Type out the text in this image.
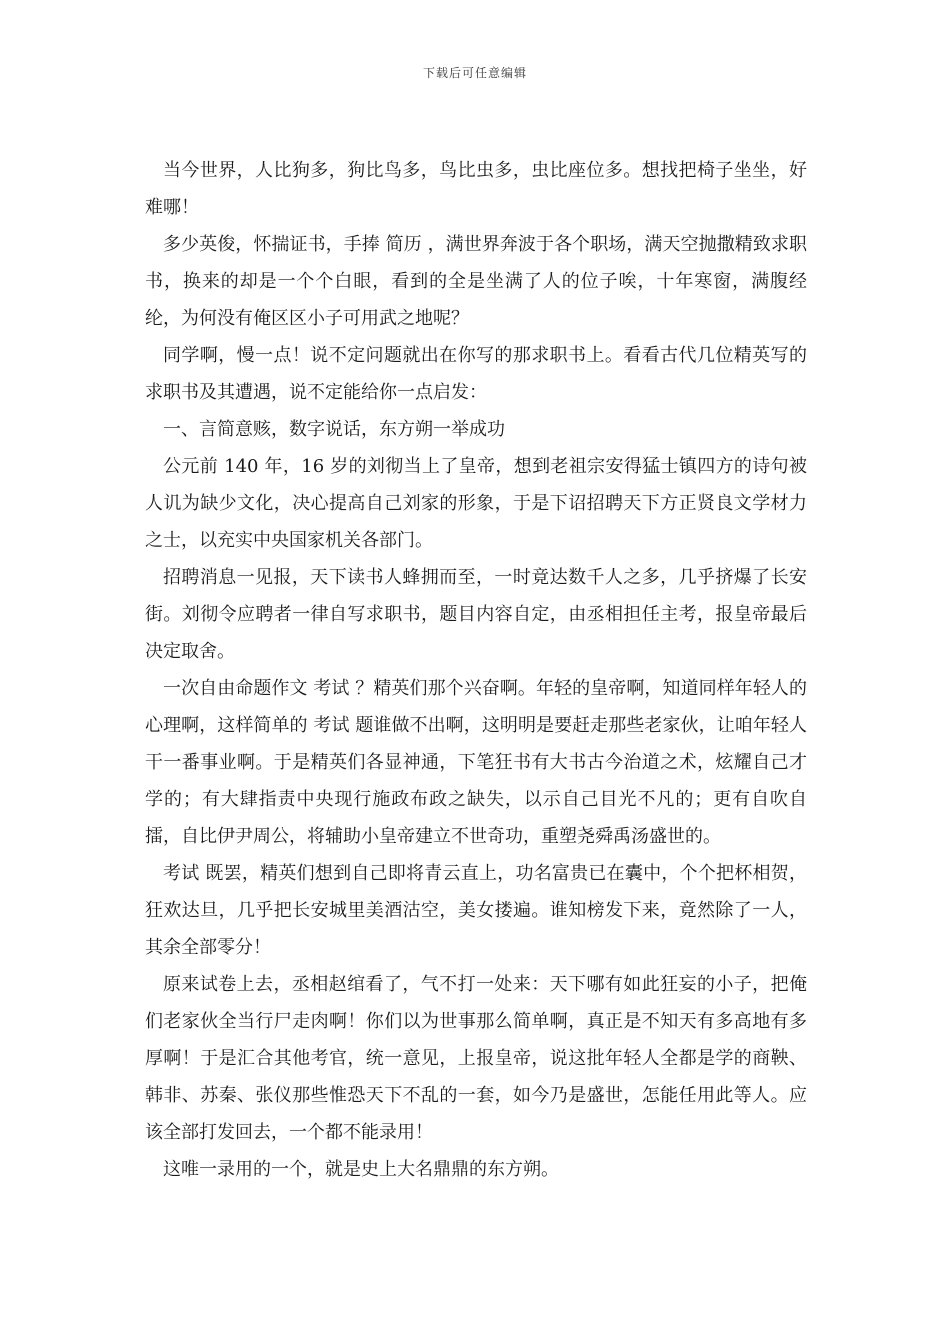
下载后可任意编辑

当今世界，人比狗多，狗比鸟多，鸟比虫多，虫比座位多。想找把椅子坐坐，好难哪！

多少英俊，怀揣证书，手捧 简历 ，满世界奔波于各个职场，满天空抛撒精致求职书，换来的却是一个个白眼，看到的全是坐满了人的位子唉，十年寒窗，满腹经纶，为何没有俺区区小子可用武之地呢？

同学啊，慢一点！说不定问题就出在你写的那求职书上。看看古代几位精英写的求职书及其遭遇，说不定能给你一点启发：

一、言简意赅，数字说话，东方朔一举成功

公元前 140 年，16 岁的刘彻当上了皇帝，想到老祖宗安得猛士镇四方的诗句被人讥为缺少文化，决心提高自己刘家的形象，于是下诏招聘天下方正贤良文学材力之士，以充实中央国家机关各部门。

招聘消息一见报，天下读书人蜂拥而至，一时竟达数千人之多，几乎挤爆了长安街。刘彻令应聘者一律自写求职书，题目内容自定，由丞相担任主考，报皇帝最后决定取舍。

一次自由命题作文 考试 ？精英们那个兴奋啊。年轻的皇帝啊，知道同样年轻人的心理啊，这样简单的 考试 题谁做不出啊，这明明是要赶走那些老家伙，让咱年轻人干一番事业啊。于是精英们各显神通，下笔狂书有大书古今治道之术，炫耀自己才学的；有大肆指责中央现行施政布政之缺失，以示自己目光不凡的；更有自吹自擂，自比伊尹周公，将辅助小皇帝建立不世奇功，重塑尧舜禹汤盛世的。

考试 既罢，精英们想到自己即将青云直上，功名富贵已在囊中，个个把杯相贺，狂欢达旦，几乎把长安城里美酒沽空，美女搂遍。谁知榜发下来，竟然除了一人，其余全部零分！

原来试卷上去，丞相赵绾看了，气不打一处来：天下哪有如此狂妄的小子，把俺们老家伙全当行尸走肉啊！你们以为世事那么简单啊，真正是不知天有多高地有多厚啊！于是汇合其他考官，统一意见，上报皇帝，说这批年轻人全都是学的商鞅、韩非、苏秦、张仪那些惟恐天下不乱的一套，如今乃是盛世，怎能任用此等人。应该全部打发回去，一个都不能录用！

这唯一录用的一个，就是史上大名鼎鼎的东方朔。
